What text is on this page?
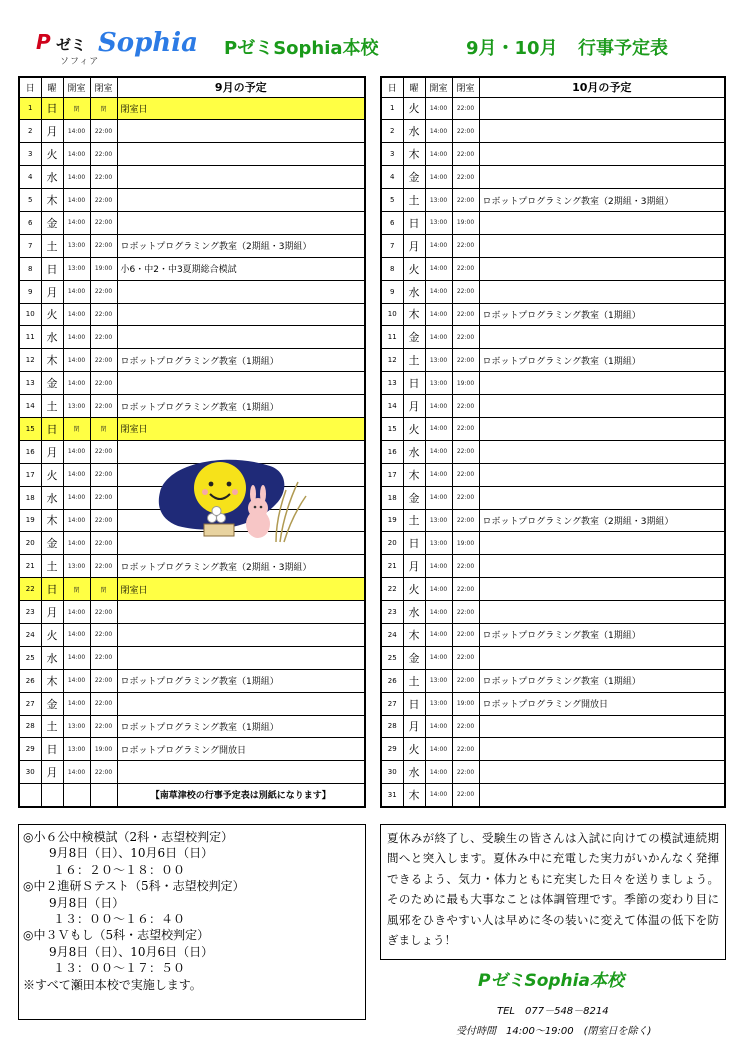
P ゼミ Sophia
ソフィア
PゼミSophia本校	9月・10月 行事予定表
日	曜	開室	閉室	9月の予定
1	日	閉	閉	閉室日
2	月	14:00	22:00	
3	火	14:00	22:00	
4	水	14:00	22:00	
5	木	14:00	22:00	
6	金	14:00	22:00	
7	土	13:00	22:00	ロボットプログラミング教室（2期組・3期組）
8	日	13:00	19:00	小6・中2・中3夏期総合模試
9	月	14:00	22:00	
10	火	14:00	22:00	
11	水	14:00	22:00	
12	木	14:00	22:00	ロボットプログラミング教室（1期組）
13	金	14:00	22:00	
14	土	13:00	22:00	ロボットプログラミング教室（1期組）
15	日	閉	閉	閉室日
16	月	14:00	22:00	
17	火	14:00	22:00	
18	水	14:00	22:00	
19	木	14:00	22:00	
20	金	14:00	22:00	
21	土	13:00	22:00	ロボットプログラミング教室（2期組・3期組）
22	日	閉	閉	閉室日
23	月	14:00	22:00	
24	火	14:00	22:00	
25	水	14:00	22:00	
26	木	14:00	22:00	ロボットプログラミング教室（1期組）
27	金	14:00	22:00	
28	土	13:00	22:00	ロボットプログラミング教室（1期組）
29	日	13:00	19:00	ロボットプログラミング開放日
30	月	14:00	22:00	
				【南草津校の行事予定表は別紙になります】
日	曜	開室	閉室	10月の予定
1	火	14:00	22:00	
2	水	14:00	22:00	
3	木	14:00	22:00	
4	金	14:00	22:00	
5	土	13:00	22:00	ロボットプログラミング教室（2期組・3期組）
6	日	13:00	19:00	
7	月	14:00	22:00	
8	火	14:00	22:00	
9	水	14:00	22:00	
10	木	14:00	22:00	ロボットプログラミング教室（1期組）
11	金	14:00	22:00	
12	土	13:00	22:00	ロボットプログラミング教室（1期組）
13	日	13:00	19:00	
14	月	14:00	22:00	
15	火	14:00	22:00	
16	水	14:00	22:00	
17	木	14:00	22:00	
18	金	14:00	22:00	
19	土	13:00	22:00	ロボットプログラミング教室（2期組・3期組）
20	日	13:00	19:00	
21	月	14:00	22:00	
22	火	14:00	22:00	
23	水	14:00	22:00	
24	木	14:00	22:00	ロボットプログラミング教室（1期組）
25	金	14:00	22:00	
26	土	13:00	22:00	ロボットプログラミング教室（1期組）
27	日	13:00	19:00	ロボットプログラミング開放日
28	月	14:00	22:00	
29	火	14:00	22:00	
30	水	14:00	22:00	
31	木	14:00	22:00	
◎小６公中検模試（2科・志望校判定）
9月8日（日）、10月6日（日）
１６：２０～１８：００
◎中２進研Ｓテスト（5科・志望校判定）
9月8日（日）
１３：００～１６：４０
◎中３Ｖもし（5科・志望校判定）
9月8日（日）、10月6日（日）
１３：００～１７：５０
※すべて瀬田本校で実施します。
夏休みが終了し、受験生の皆さんは入試に向けての模試連続期間へと突入します。夏休み中に充電した実力がいかんなく発揮できるよう、気力・体力ともに充実した日々を送りましょう。そのために最も大事なことは体調管理です。季節の変わり目に風邪をひきやすい人は早めに冬の装いに変えて体温の低下を防ぎましょう！
PゼミSophia本校
TEL　077－548－8214
受付時間　14:00～19:00　(閉室日を除く)
